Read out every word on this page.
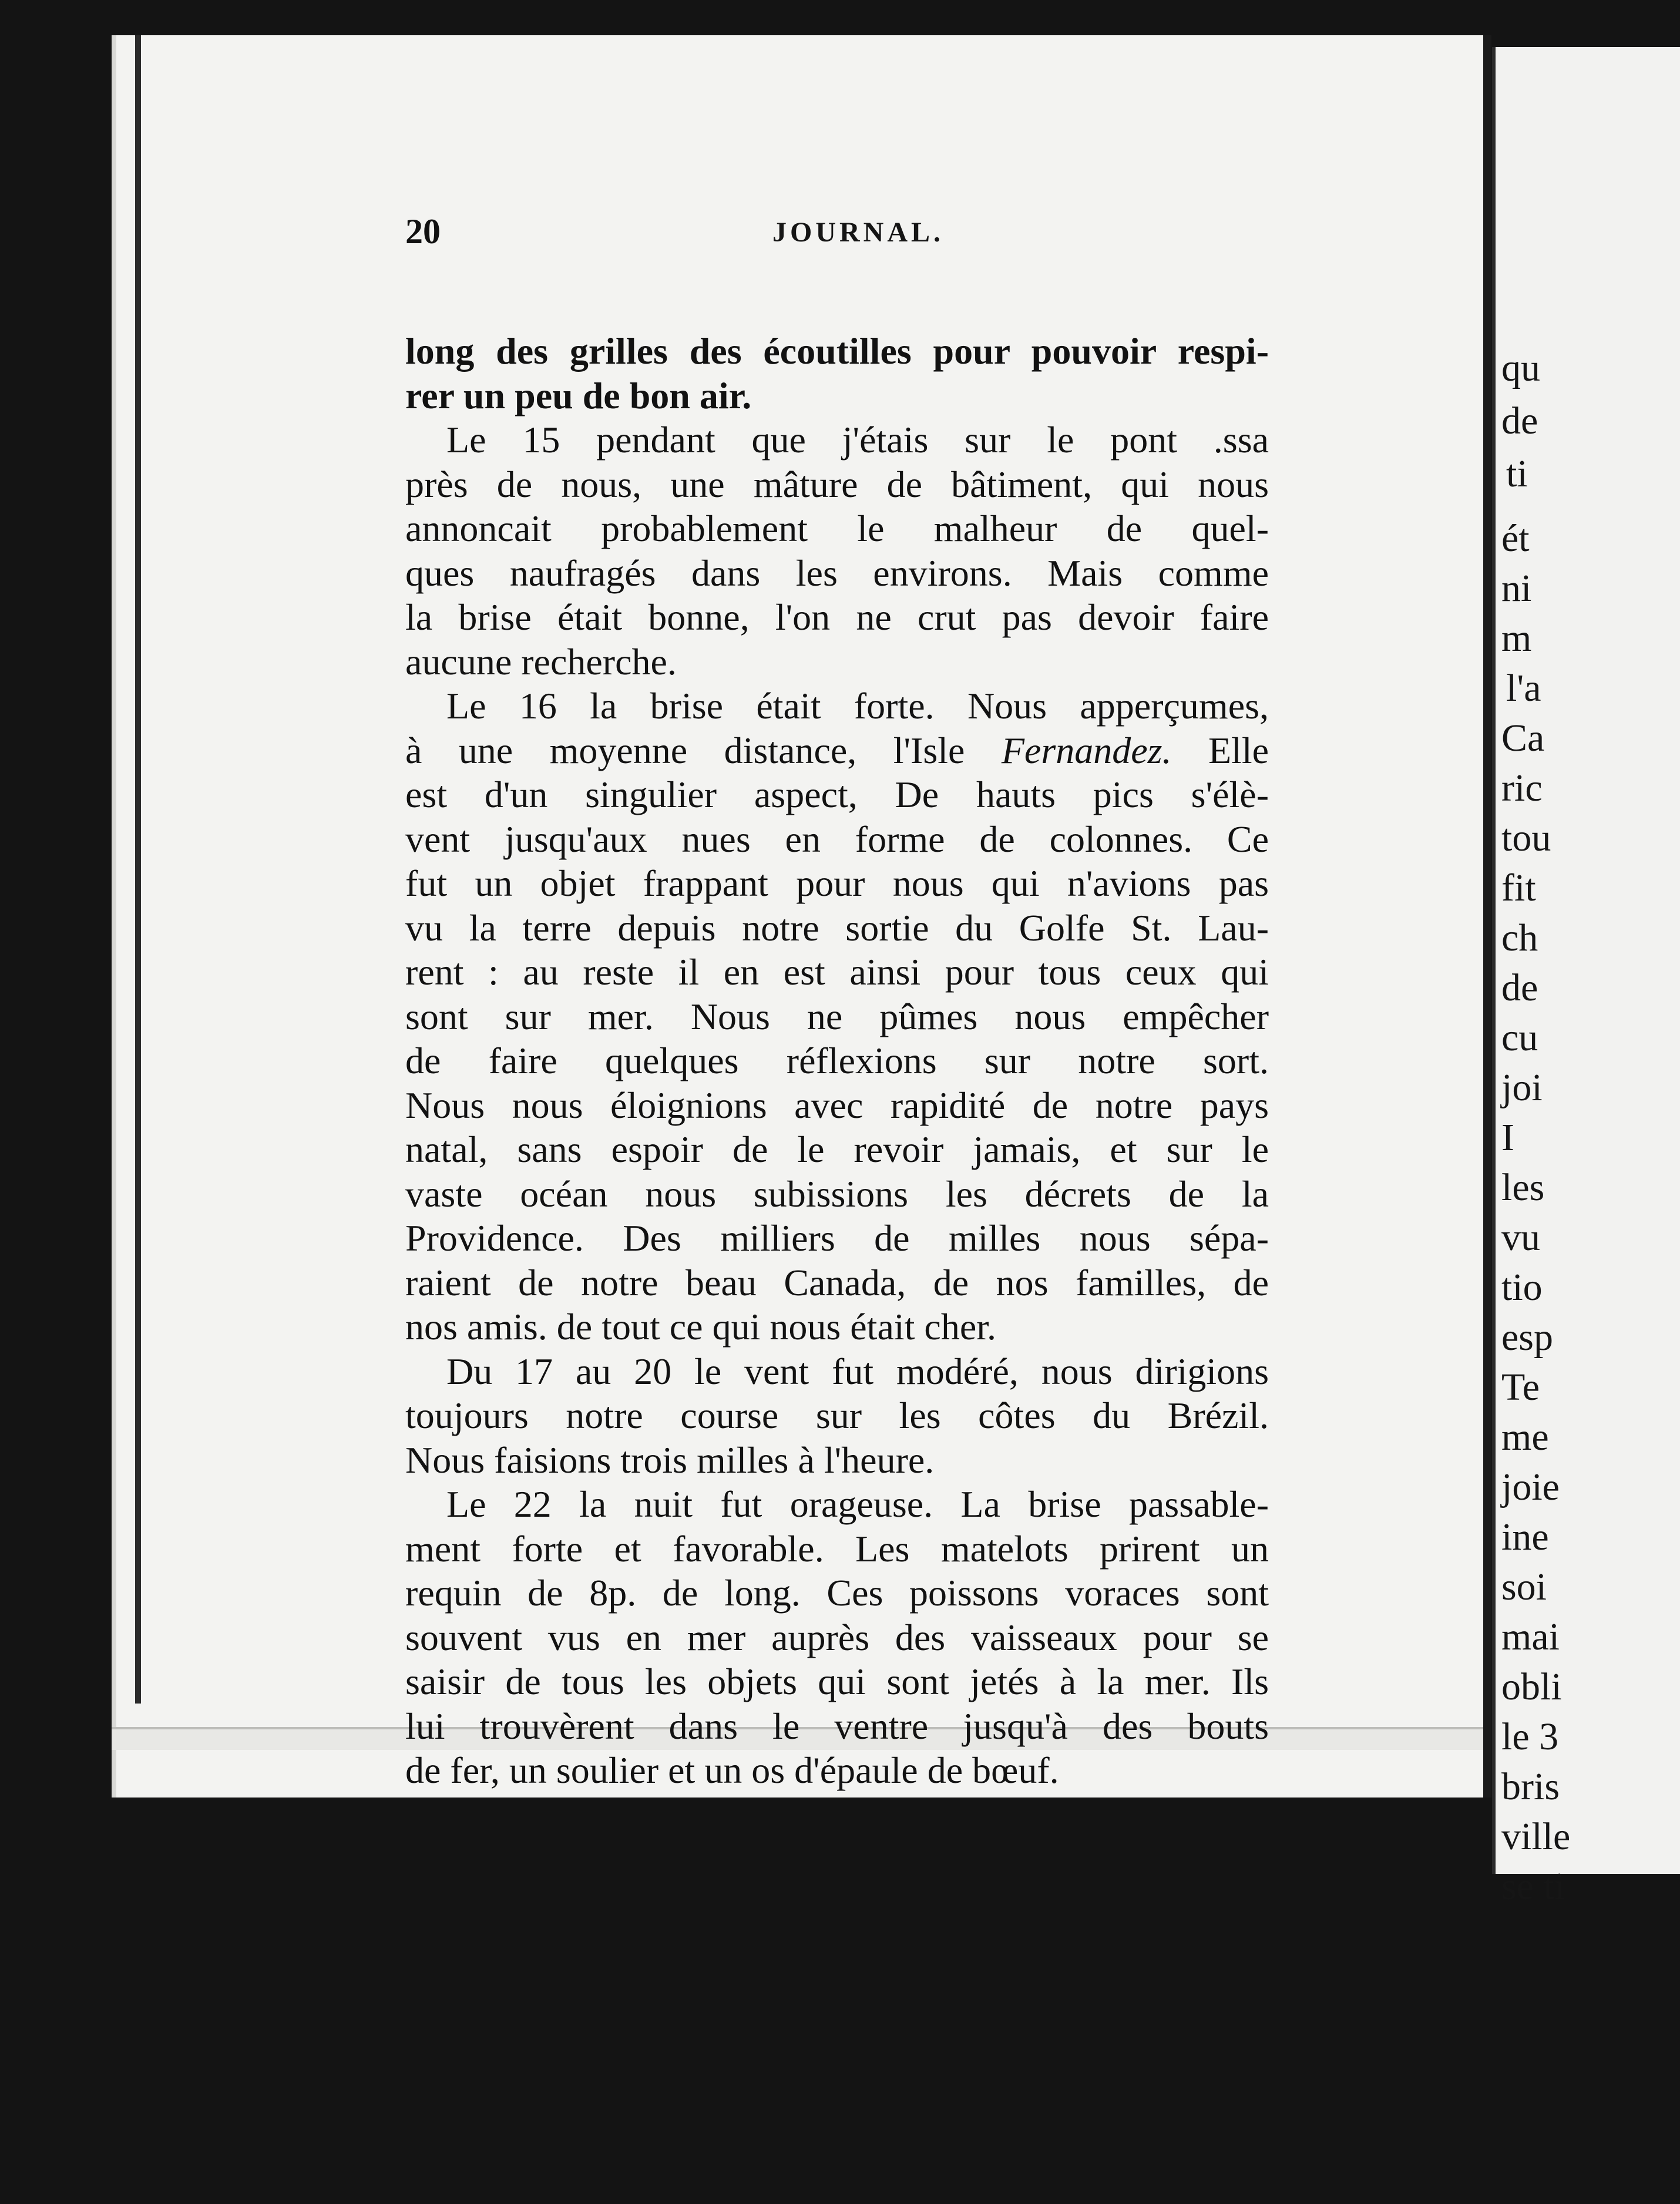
qu
de
ti
ét
ni
m
l'a
Ca
ric
tou
fit
ch
de
cu
joi
I
les
vu
tio
esp
Te
me
joie
ine
soi
mai
obli
le 3
bris
ville
se ti
20	JOURNAL.
long des grilles des écoutilles pour pouvoir respi-
rer un peu de bon air.
Le 15 pendant que j'étais sur le pont .ssa
près de nous, une mâture de bâtiment, qui nous
annoncait probablement le malheur de quel-
ques naufragés dans les environs. Mais comme
la brise était bonne, l'on ne crut pas devoir faire
aucune recherche.
Le 16 la brise était forte. Nous apperçumes,
à une moyenne distance, l'Isle Fernandez. Elle
est d'un singulier aspect, De hauts pics s'élè-
vent jusqu'aux nues en forme de colonnes. Ce
fut un objet frappant pour nous qui n'avions pas
vu la terre depuis notre sortie du Golfe St. Lau-
rent : au reste il en est ainsi pour tous ceux qui
sont sur mer. Nous ne pûmes nous empêcher
de faire quelques réflexions sur notre sort.
Nous nous éloignions avec rapidité de notre pays
natal, sans espoir de le revoir jamais, et sur le
vaste océan nous subissions les décrets de la
Providence. Des milliers de milles nous sépa-
raient de notre beau Canada, de nos familles, de
nos amis. de tout ce qui nous était cher.
Du 17 au 20 le vent fut modéré, nous dirigions
toujours notre course sur les côtes du Brézil.
Nous faisions trois milles à l'heure.
Le 22 la nuit fut orageuse. La brise passable-
ment forte et favorable. Les matelots prirent un
requin de 8p. de long. Ces poissons voraces sont
souvent vus en mer auprès des vaisseaux pour se
saisir de tous les objets qui sont jetés à la mer. Ils
lui trouvèrent dans le ventre jusqu'à des bouts
de fer, un soulier et un os d'épaule de bœuf.
